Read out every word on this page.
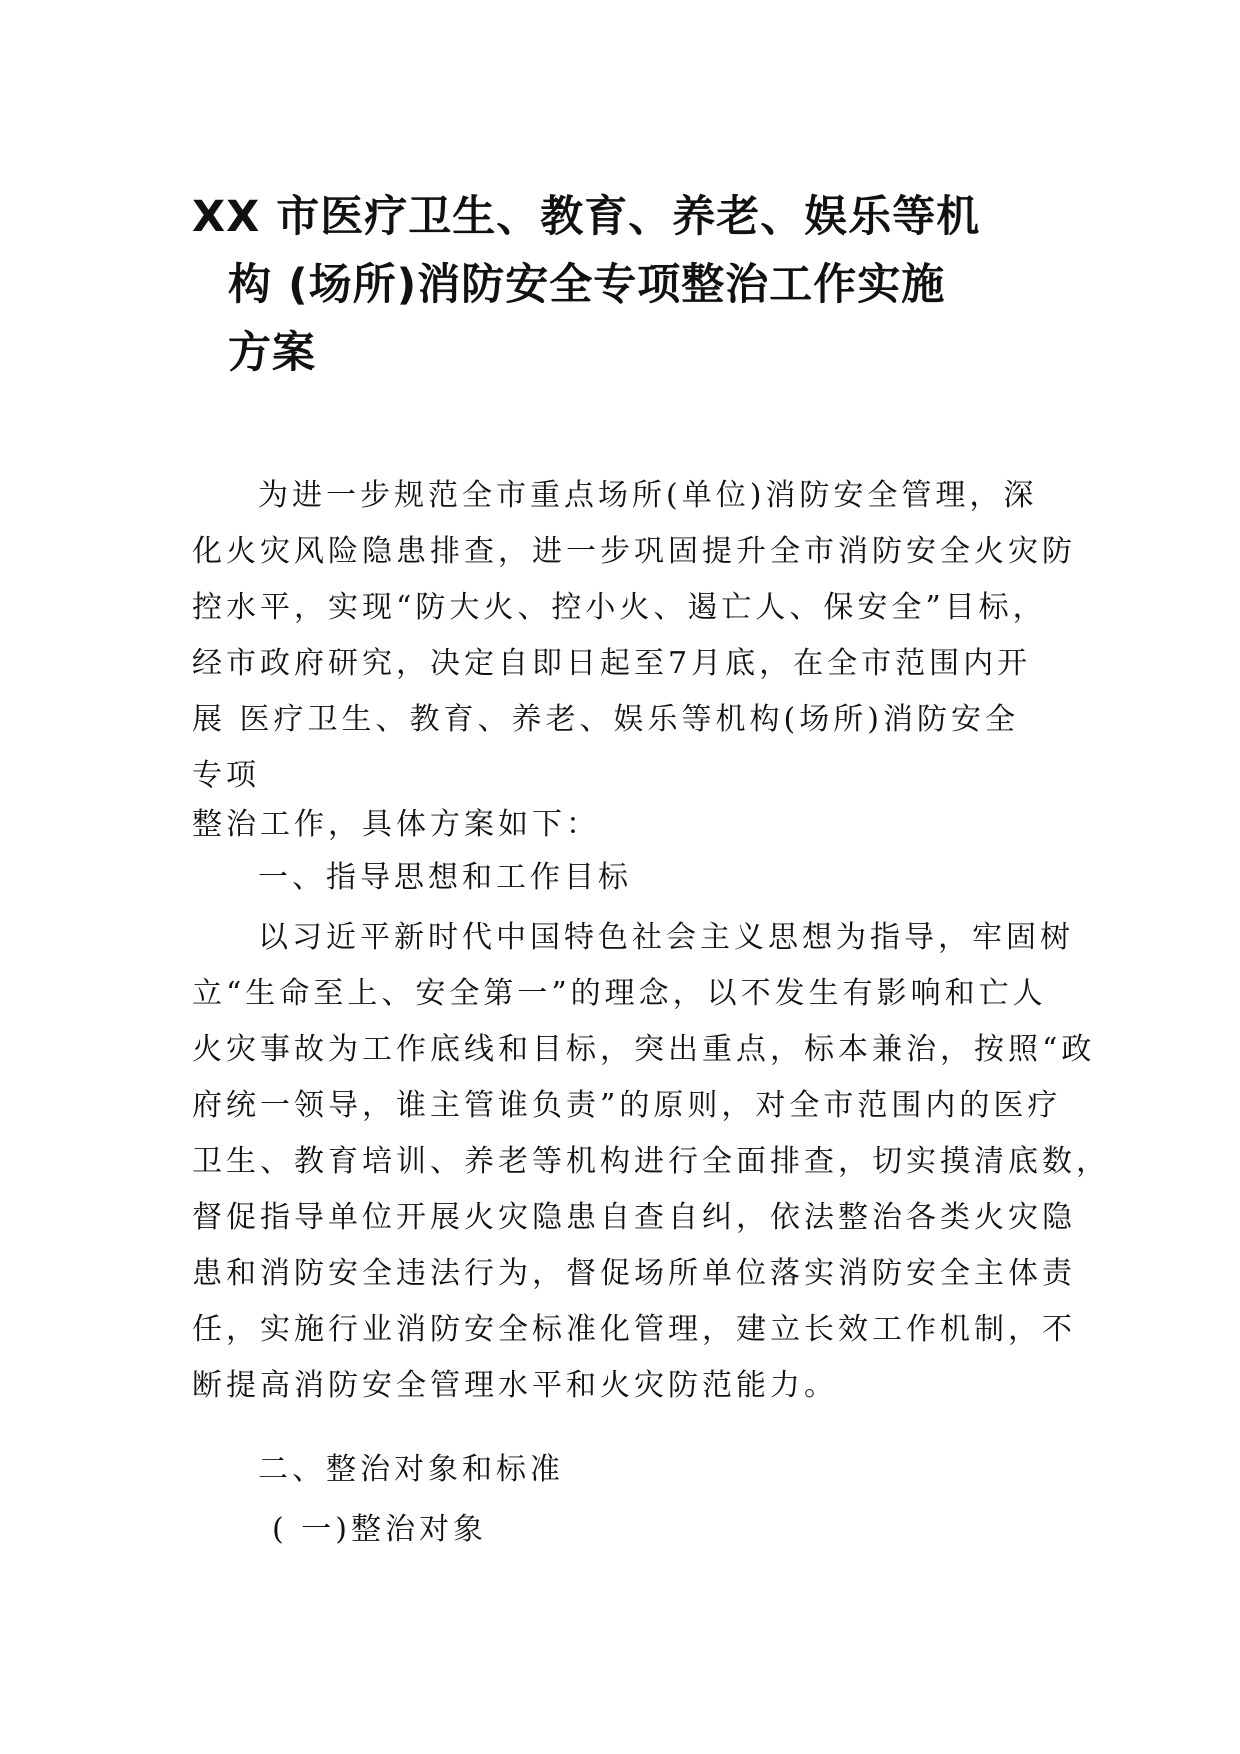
XX 市医疗卫生、教育、养老、娱乐等机
构 (场所)消防安全专项整治工作实施
方案

为进一步规范全市重点场所(单位)消防安全管理，深

化火灾风险隐患排查，进一步巩固提升全市消防安全火灾防

控水平，实现“防大火、控小火、遏亡人、保安全”目标，

经市政府研究，决定自即日起至7月底，在全市范围内开

展 医疗卫生、教育、养老、娱乐等机构(场所)消防安全

专项

整治工作，具体方案如下：

一、指导思想和工作目标

以习近平新时代中国特色社会主义思想为指导，牢固树

立“生命至上、安全第一”的理念，以不发生有影响和亡人

火灾事故为工作底线和目标，突出重点，标本兼治，按照“政

府统一领导，谁主管谁负责”的原则，对全市范围内的医疗

卫生、教育培训、养老等机构进行全面排查，切实摸清底数，

督促指导单位开展火灾隐患自查自纠，依法整治各类火灾隐

患和消防安全违法行为，督促场所单位落实消防安全主体责

任，实施行业消防安全标准化管理，建立长效工作机制，不

断提高消防安全管理水平和火灾防范能力。

二、整治对象和标准

( 一)整治对象
